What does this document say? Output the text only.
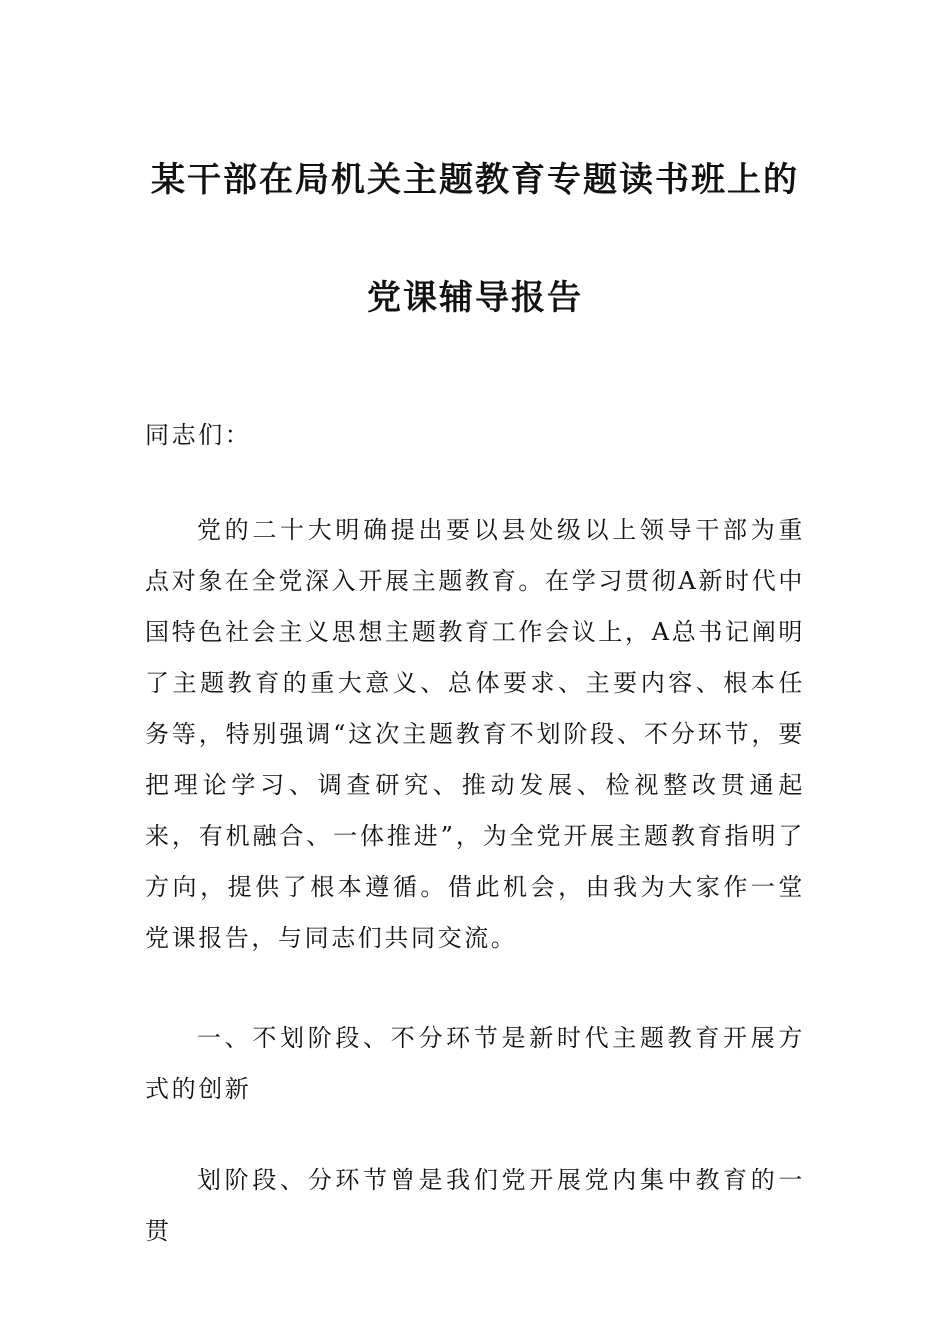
某干部在局机关主题教育专题读书班上的
党课辅导报告
同志们：
党的二十大明确提出要以县处级以上领导干部为重点对象在全党深入开展主题教育。在学习贯彻A新时代中国特色社会主义思想主题教育工作会议上，A总书记阐明了主题教育的重大意义、总体要求、主要内容、根本任务等，特别强调“这次主题教育不划阶段、不分环节，要把理论学习、调查研究、推动发展、检视整改贯通起来，有机融合、一体推进”，为全党开展主题教育指明了方向，提供了根本遵循。借此机会，由我为大家作一堂党课报告，与同志们共同交流。
一、不划阶段、不分环节是新时代主题教育开展方式的创新
划阶段、分环节曾是我们党开展党内集中教育的一贯
